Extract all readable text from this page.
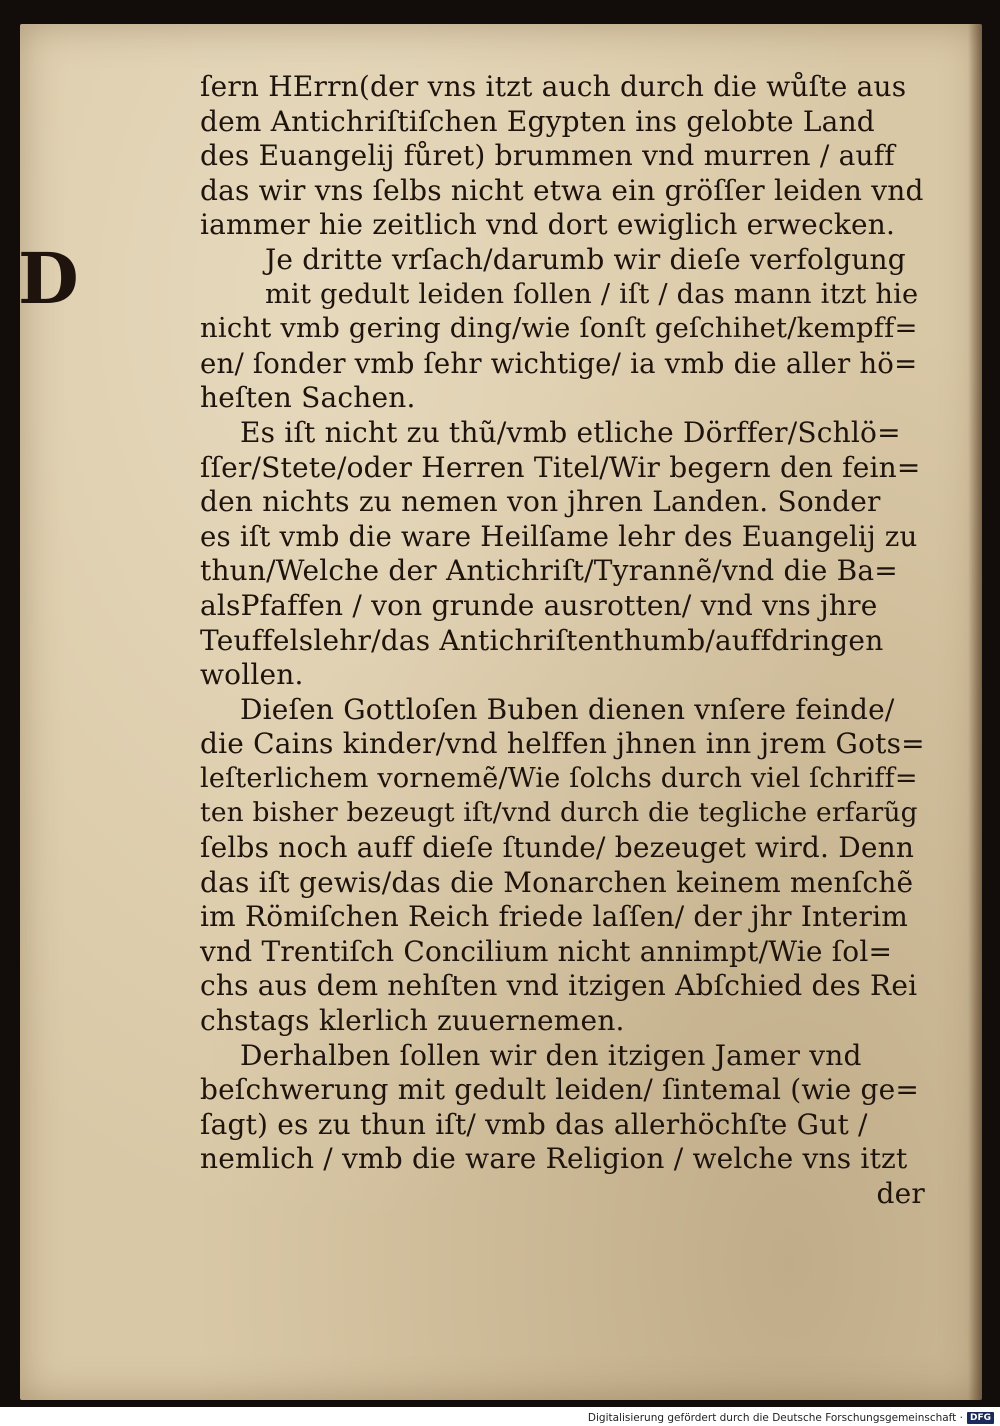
D
ſern HErrn(der vns itzt auch durch die wůſte aus
dem Antichriſtiſchen Egypten ins gelobte Land
des Euangelij fůret) brummen vnd murren / auff
das wir vns ſelbs nicht etwa ein gröſſer leiden vnd
iammer hie zeitlich vnd dort ewiglich erwecken.
Je dritte vrſach/darumb wir dieſe verfolgung
mit gedult leiden ſollen / iſt / das mann itzt hie
nicht vmb gering ding/wie ſonſt geſchihet/kempff=
en/ ſonder vmb ſehr wichtige/ ia vmb die aller hö=
heſten Sachen.
Es iſt nicht zu thũ/vmb etliche Dörffer/Schlö=
ſſer/Stete/oder Herren Titel/Wir begern den fein=
den nichts zu nemen von jhren Landen. Sonder
es iſt vmb die ware Heilſame lehr des Euangelij zu
thun/Welche der Antichriſt/Tyrannẽ/vnd die Ba=
alsPfaffen / von grunde ausrotten/ vnd vns jhre
Teuffelslehr/das Antichriſtenthumb/auffdringen
wollen.
Dieſen Gottloſen Buben dienen vnſere feinde/
die Cains kinder/vnd helffen jhnen inn jrem Gots=
leſterlichem vornemẽ/Wie ſolchs durch viel ſchriff=
ten bisher bezeugt iſt/vnd durch die tegliche erfarũg
ſelbs noch auff dieſe ſtunde/ bezeuget wird. Denn
das iſt gewis/das die Monarchen keinem menſchẽ
im Römiſchen Reich friede laſſen/ der jhr Interim
vnd Trentiſch Concilium nicht annimpt/Wie ſol=
chs aus dem nehſten vnd itzigen Abſchied des Rei
chstags klerlich zuuernemen.
Derhalben ſollen wir den itzigen Jamer vnd
beſchwerung mit gedult leiden/ ſintemal (wie ge=
ſagt) es zu thun iſt/ vmb das allerhöchſte Gut /
nemlich / vmb die ware Religion / welche vns itzt
der
Digitalisierung gefördert durch die Deutsche Forschungsgemeinschaft · DFG
